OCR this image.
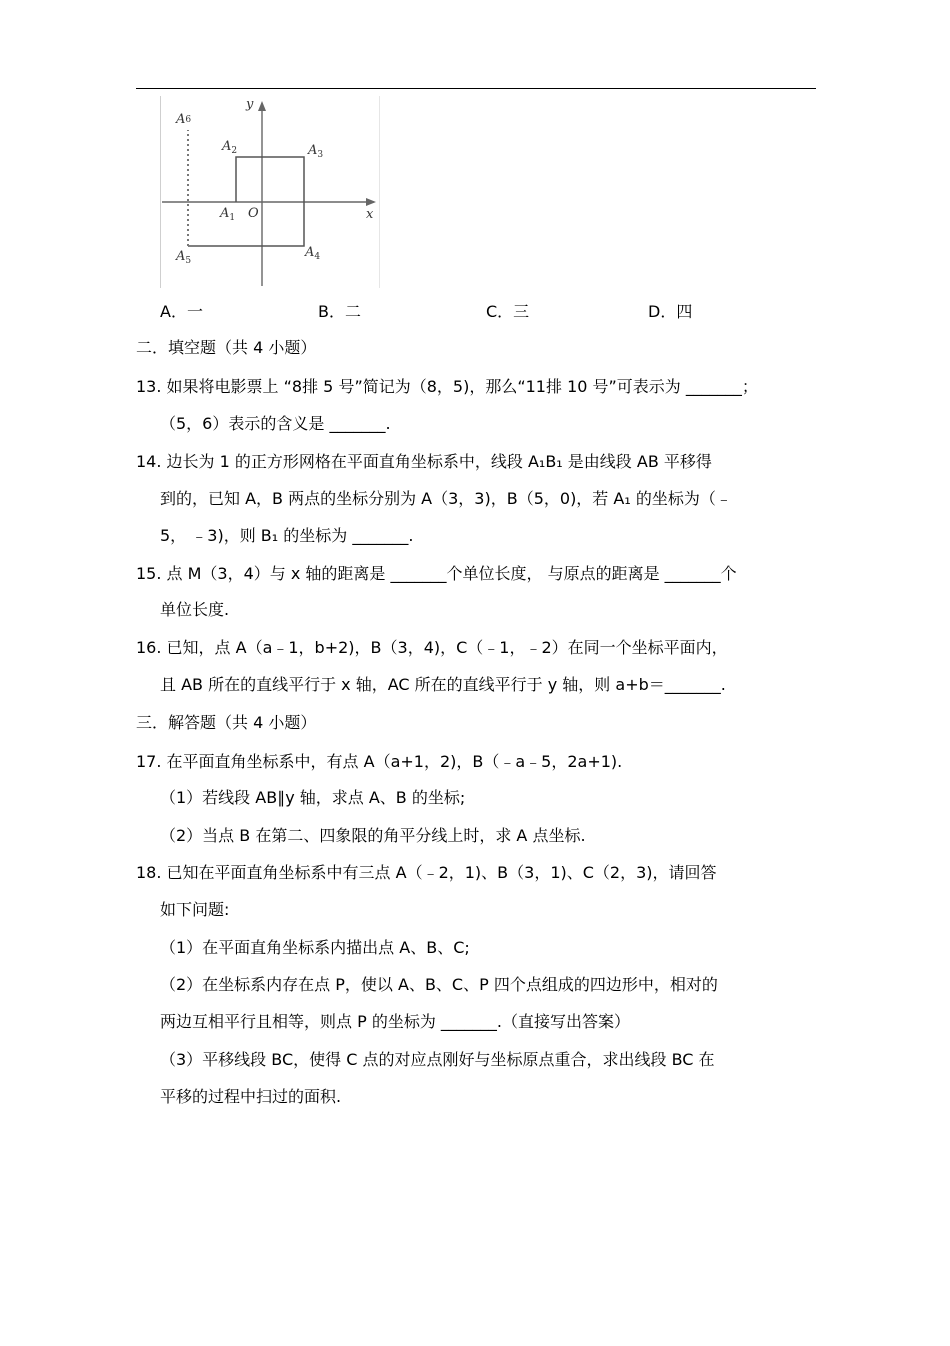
y
x
O
$A_1$
$A_2$	$A_3$
$A_4$
$A_5$
A6
A．一	B．二	C．三	D．四
二．填空题（共 4 小题）
13. 如果将电影票上 “8排 5 号”简记为（8，5)，那么“11排 10 号”可表示为 _______；
（5，6）表示的含义是 _______.
14. 边长为 1 的正方形网格在平面直角坐标系中，线段 A₁B₁ 是由线段 AB 平移得
到的，已知 A，B 两点的坐标分别为 A（3，3)，B（5，0)，若 A₁ 的坐标为（﹣
5， ﹣3)，则 B₁ 的坐标为 _______.
15. 点 M（3，4）与 x 轴的距离是 _______个单位长度， 与原点的距离是 _______个
单位长度.
16. 已知，点 A（a﹣1，b+2)，B（3，4)，C（﹣1，﹣2）在同一个坐标平面内，
且 AB 所在的直线平行于 x 轴，AC 所在的直线平行于 y 轴，则 a+b＝_______.
三．解答题（共 4 小题）
17. 在平面直角坐标系中，有点 A（a+1，2)，B（﹣a﹣5，2a+1).
（1）若线段 AB∥y 轴，求点 A、B 的坐标;
（2）当点 B 在第二、四象限的角平分线上时，求 A 点坐标.
18. 已知在平面直角坐标系中有三点 A（﹣2，1)、B（3，1)、C（2，3)，请回答
如下问题:
（1）在平面直角坐标系内描出点 A、B、C;
（2）在坐标系内存在点 P，使以 A、B、C、P 四个点组成的四边形中，相对的
两边互相平行且相等，则点 P 的坐标为 _______.（直接写出答案）
（3）平移线段 BC，使得 C 点的对应点刚好与坐标原点重合，求出线段 BC 在
平移的过程中扫过的面积.
